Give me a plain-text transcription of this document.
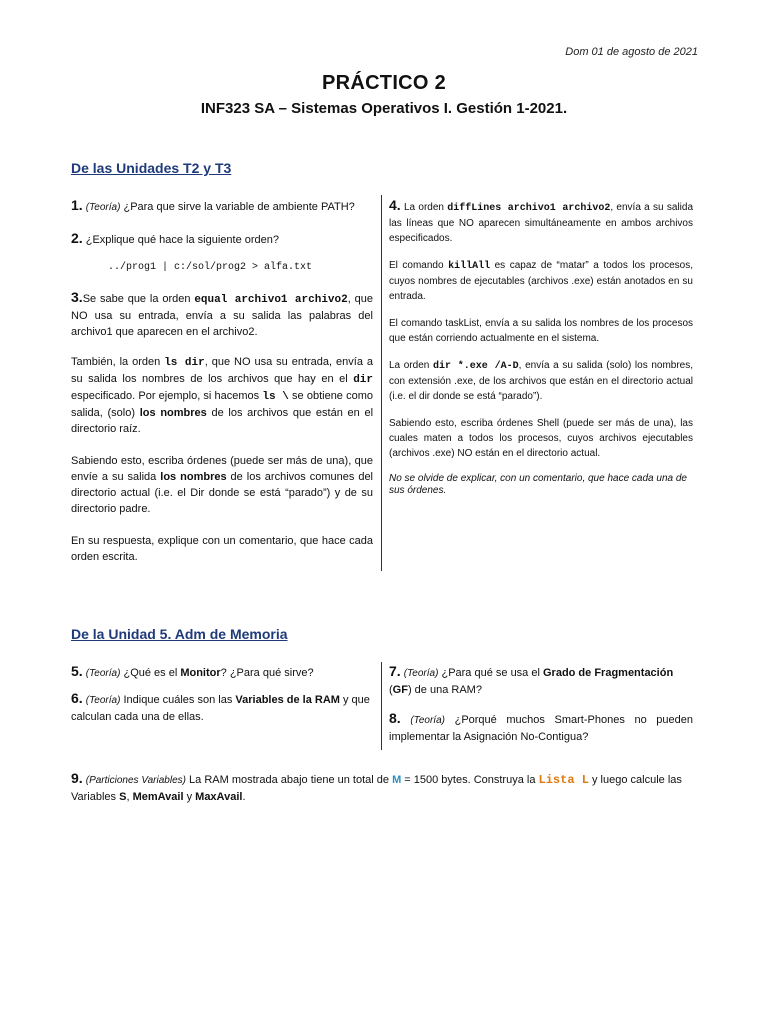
Dom 01 de agosto de 2021
PRÁCTICO 2
INF323 SA – Sistemas Operativos I. Gestión 1-2021.
De las Unidades T2 y T3

1. (Teoría) ¿Para que sirve la variable de ambiente PATH?

2. ¿Explique qué hace la siguiente orden?

../prog1 | c:/sol/prog2 > alfa.txt

3.Se sabe que la orden equal archivo1 archivo2, que NO usa su entrada, envía a su salida las palabras del archivo1 que aparecen en el archivo2.

También, la orden ls dir, que NO usa su entrada, envía a su salida los nombres de los archivos que hay en el dir especificado. Por ejemplo, si hacemos ls \ se obtiene como salida, (solo) los nombres de los archivos que están en el directorio raíz.

Sabiendo esto, escriba órdenes (puede ser más de una), que envíe a su salida los nombres de los archivos comunes del directorio actual (i.e. el Dir donde se está “parado”) y de su directorio padre.

En su respuesta, explique con un comentario, que hace cada orden escrita.

4. La orden diffLines archivo1 archivo2, envía a su salida las líneas que NO aparecen simultáneamente en ambos archivos especificados.

El comando killAll es capaz de “matar” a todos los procesos, cuyos nombres de ejecutables (archivos .exe) están anotados en su entrada.

El comando taskList, envía a su salida los nombres de los procesos que están corriendo actualmente en el sistema.

La orden dir *.exe /A-D, envía a su salida (solo) los nombres, con extensión .exe, de los archivos que están en el directorio actual (i.e. el dir donde se está “parado”).

Sabiendo esto, escriba órdenes Shell (puede ser más de una), las cuales maten a todos los procesos, cuyos archivos ejecutables (archivos .exe) NO están en el directorio actual.

No se olvide de explicar, con un comentario, que hace cada una de sus órdenes.

De la Unidad 5. Adm de Memoria

5. (Teoría) ¿Qué es el Monitor? ¿Para qué sirve?

6. (Teoría) Indique cuáles son las Variables de la RAM y que calculan cada una de ellas.

7. (Teoría) ¿Para qué se usa el Grado de Fragmentación (GF) de una RAM?

8. (Teoría) ¿Porqué muchos Smart-Phones no pueden implementar la Asignación No-Contigua?

9. (Particiones Variables) La RAM mostrada abajo tiene un total de M = 1500 bytes. Construya la Lista L y luego calcule las Variables S, MemAvail y MaxAvail.
